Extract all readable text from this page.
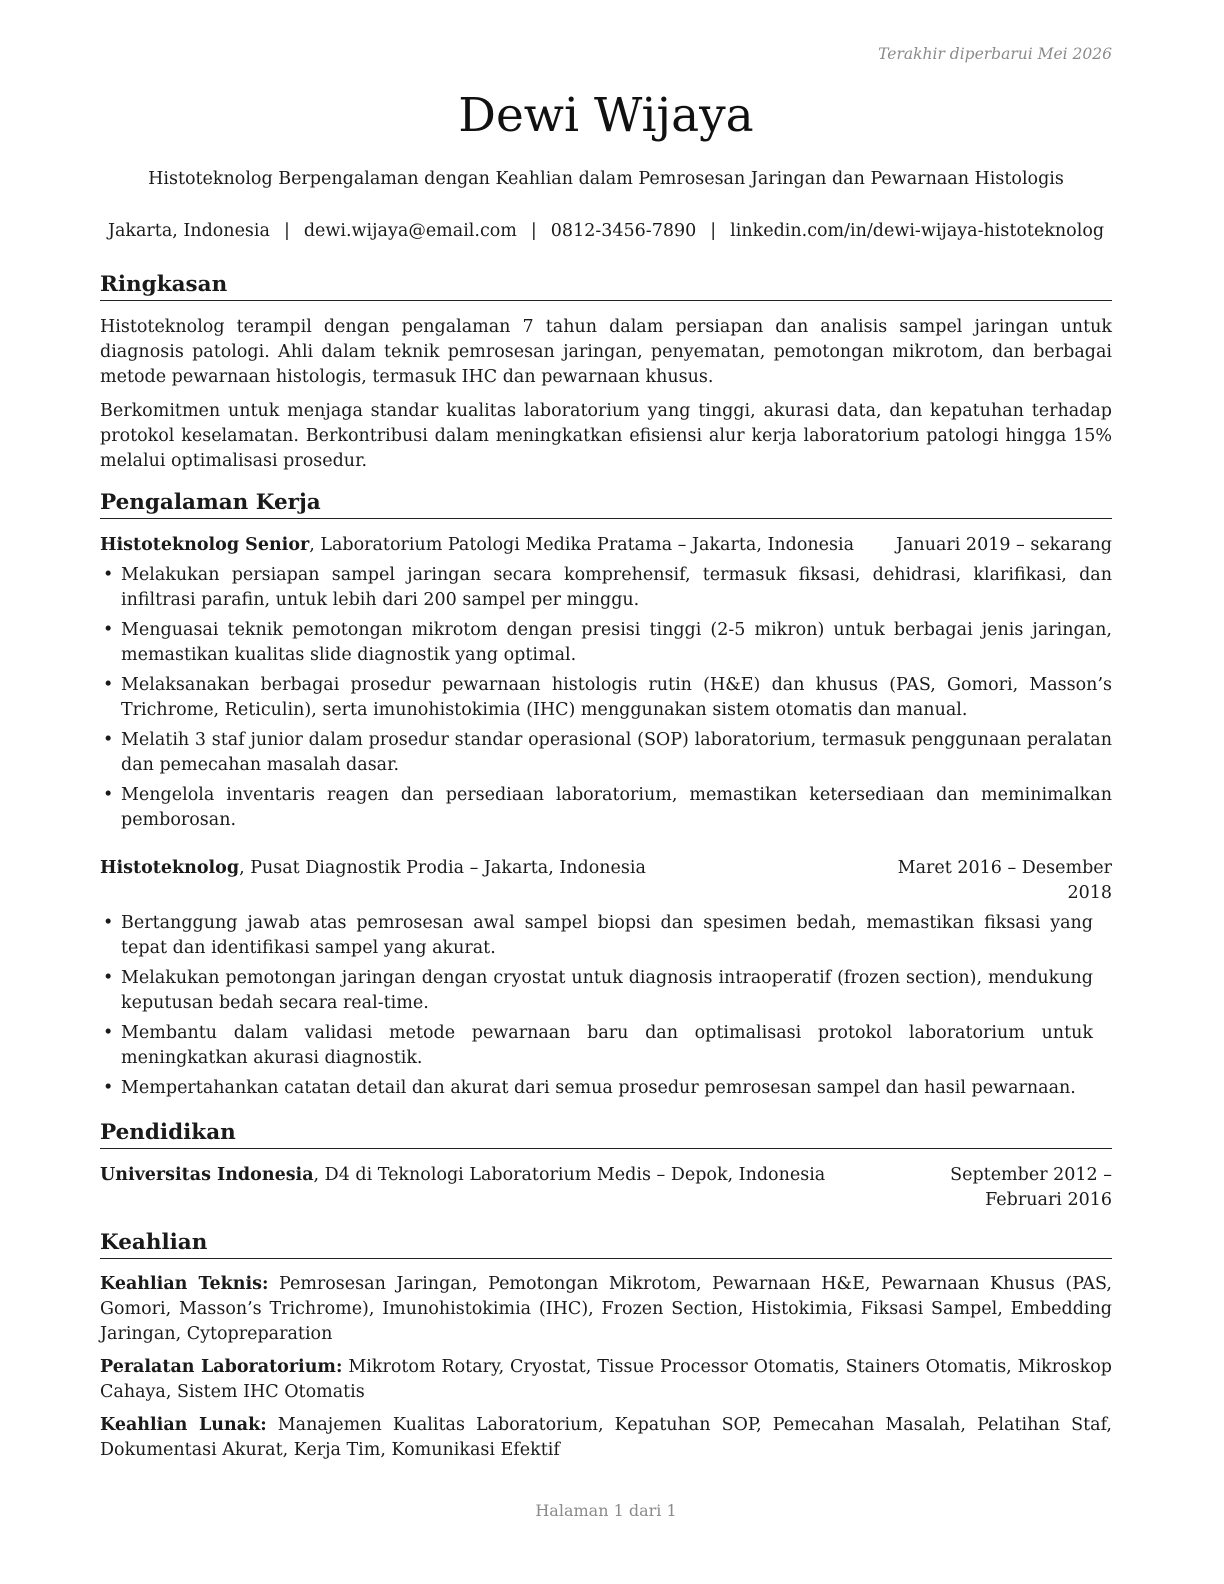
Terakhir diperbarui Mei 2026
Dewi Wijaya
Histoteknolog Berpengalaman dengan Keahlian dalam Pemrosesan Jaringan dan Pewarnaan Histologis
Jakarta, Indonesia | dewi.wijaya@email.com | 0812-3456-7890 | linkedin.com/in/dewi-wijaya-histoteknolog
Ringkasan
Histoteknolog terampil dengan pengalaman 7 tahun dalam persiapan dan analisis sampel jaringan untuk diagnosis patologi. Ahli dalam teknik pemrosesan jaringan, penyematan, pemotongan mikrotom, dan berbagai metode pewarnaan histologis, termasuk IHC dan pewarnaan khusus.
Berkomitmen untuk menjaga standar kualitas laboratorium yang tinggi, akurasi data, dan kepatuhan terhadap protokol keselamatan. Berkontribusi dalam meningkatkan efisiensi alur kerja laboratorium patologi hingga 15% melalui optimalisasi prosedur.
Pengalaman Kerja
Histoteknolog Senior, Laboratorium Patologi Medika Pratama – Jakarta, Indonesia Januari 2019 – sekarang
• Melakukan persiapan sampel jaringan secara komprehensif, termasuk fiksasi, dehidrasi, klarifikasi, dan infiltrasi parafin, untuk lebih dari 200 sampel per minggu.
• Menguasai teknik pemotongan mikrotom dengan presisi tinggi (2-5 mikron) untuk berbagai jenis jaringan, memastikan kualitas slide diagnostik yang optimal.
• Melaksanakan berbagai prosedur pewarnaan histologis rutin (H&E) dan khusus (PAS, Gomori, Masson’s Trichrome, Reticulin), serta imunohistokimia (IHC) menggunakan sistem otomatis dan manual.
• Melatih 3 staf junior dalam prosedur standar operasional (SOP) laboratorium, termasuk penggunaan peralatan dan pemecahan masalah dasar.
• Mengelola inventaris reagen dan persediaan laboratorium, memastikan ketersediaan dan meminimalkan pemborosan.
Histoteknolog, Pusat Diagnostik Prodia – Jakarta, Indonesia	Maret 2016 – Desember 2018
• Bertanggung jawab atas pemrosesan awal sampel biopsi dan spesimen bedah, memastikan fiksasi yang tepat dan identifikasi sampel yang akurat.
• Melakukan pemotongan jaringan dengan cryostat untuk diagnosis intraoperatif (frozen section), mendukung keputusan bedah secara real-time.
• Membantu dalam validasi metode pewarnaan baru dan optimalisasi protokol laboratorium untuk meningkatkan akurasi diagnostik.
• Mempertahankan catatan detail dan akurat dari semua prosedur pemrosesan sampel dan hasil pewarnaan.
Pendidikan
Universitas Indonesia, D4 di Teknologi Laboratorium Medis – Depok, Indonesia	September 2012 – Februari 2016
Keahlian
Keahlian Teknis: Pemrosesan Jaringan, Pemotongan Mikrotom, Pewarnaan H&E, Pewarnaan Khusus (PAS, Gomori, Masson’s Trichrome), Imunohistokimia (IHC), Frozen Section, Histokimia, Fiksasi Sampel, Embedding Jaringan, Cytopreparation
Peralatan Laboratorium: Mikrotom Rotary, Cryostat, Tissue Processor Otomatis, Stainers Otomatis, Mikroskop Cahaya, Sistem IHC Otomatis
Keahlian Lunak: Manajemen Kualitas Laboratorium, Kepatuhan SOP, Pemecahan Masalah, Pelatihan Staf, Dokumentasi Akurat, Kerja Tim, Komunikasi Efektif
Halaman 1 dari 1
